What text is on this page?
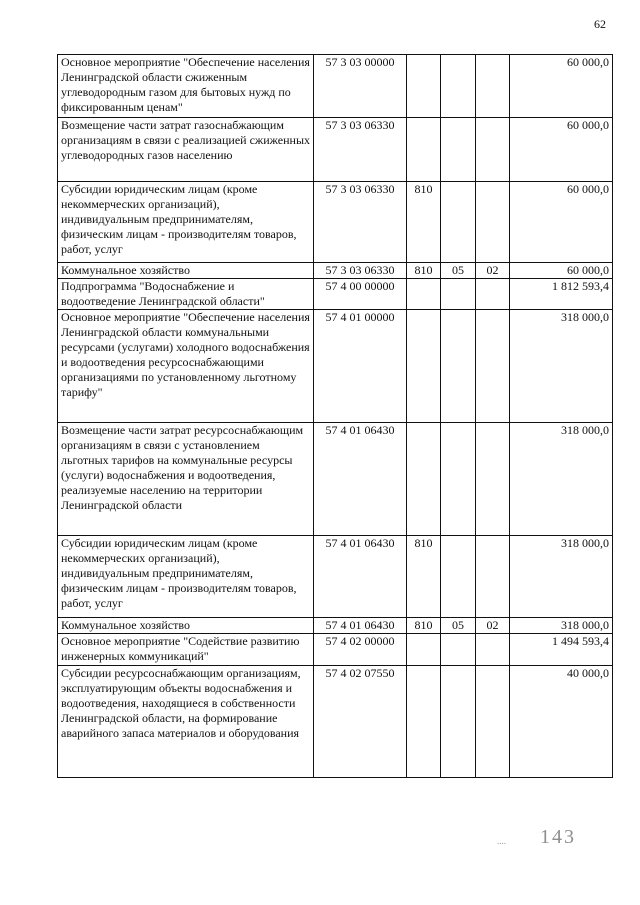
62
Основное мероприятие "Обеспечение населения Ленинградской области сжиженным углеводородным газом для бытовых нужд по фиксированным ценам"	57 3 03 00000				60 000,0
Возмещение части затрат газоснабжающим организациям в связи с реализацией сжиженных углеводородных газов населению	57 3 03 06330				60 000,0
Субсидии юридическим лицам (кроме некоммерческих организаций), индивидуальным предпринимателям, физическим лицам - производителям товаров, работ, услуг	57 3 03 06330	810			60 000,0
Коммунальное хозяйство	57 3 03 06330	810	05	02	60 000,0
Подпрограмма "Водоснабжение и водоотведение Ленинградской области"	57 4 00 00000				1 812 593,4
Основное мероприятие "Обеспечение населения Ленинградской области коммунальными ресурсами (услугами) холодного водоснабжения и водоотведения ресурсоснабжающими организациями по установленному льготному тарифу"	57 4 01 00000				318 000,0
Возмещение части затрат ресурсоснабжающим организациям в связи с установлением льготных тарифов на коммунальные ресурсы (услуги) водоснабжения и водоотведения, реализуемые населению на территории Ленинградской области	57 4 01 06430				318 000,0
Субсидии юридическим лицам (кроме некоммерческих организаций), индивидуальным предпринимателям, физическим лицам - производителям товаров, работ, услуг	57 4 01 06430	810			318 000,0
Коммунальное хозяйство	57 4 01 06430	810	05	02	318 000,0
Основное мероприятие "Содействие развитию инженерных коммуникаций"	57 4 02 00000				1 494 593,4
Субсидии ресурсоснабжающим организациям, эксплуатирующим объекты водоснабжения и водоотведения, находящиеся в собственности Ленинградской области, на формирование аварийного запаса материалов и оборудования	57 4 02 07550				40 000,0
.... 143
